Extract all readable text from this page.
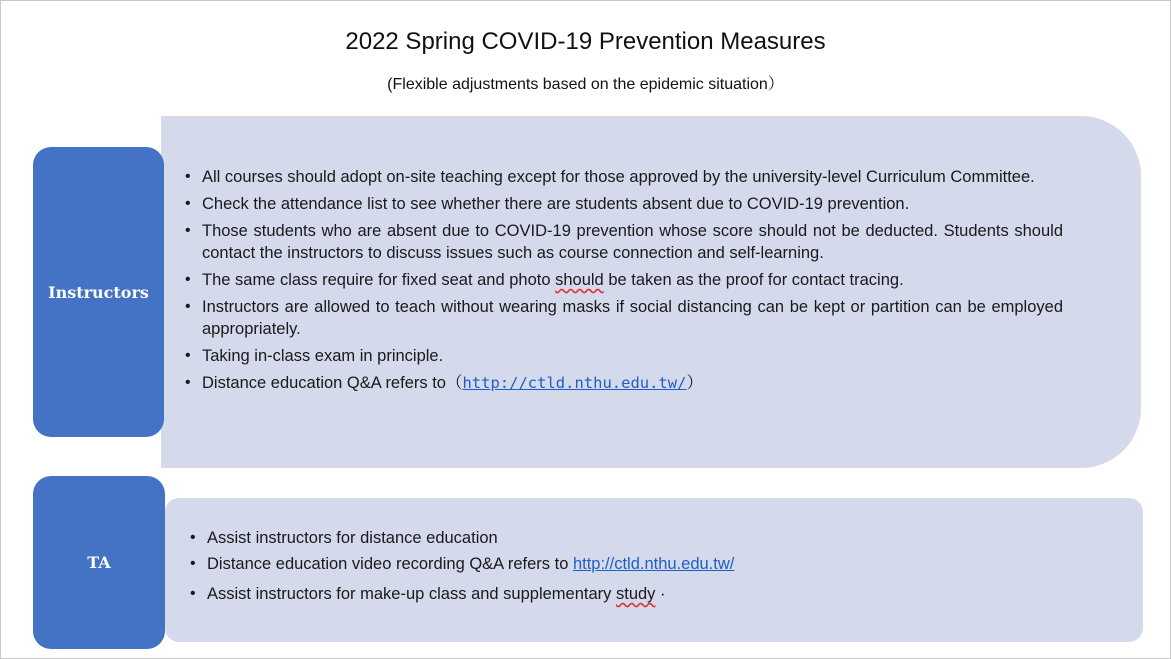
2022 Spring COVID-19 Prevention Measures
(Flexible adjustments based on the epidemic situation）
Instructors
• All courses should adopt on-site teaching except for those approved by the university-level Curriculum Committee.
• Check the attendance list to see whether there are students absent due to COVID-19 prevention.
• Those students who are absent due to COVID-19 prevention whose score should not be deducted. Students should contact the instructors to discuss issues such as course connection and self-learning.
• The same class require for fixed seat and photo should be taken as the proof for contact tracing.
• Instructors are allowed to teach without wearing masks if social distancing can be kept or partition can be employed appropriately.
• Taking in-class exam in principle.
• Distance education Q&A refers to（http://ctld.nthu.edu.tw/）
TA
• Assist instructors for distance education
• Distance education video recording Q&A refers to http://ctld.nthu.edu.tw/
• Assist instructors for make-up class and supplementary study ·
